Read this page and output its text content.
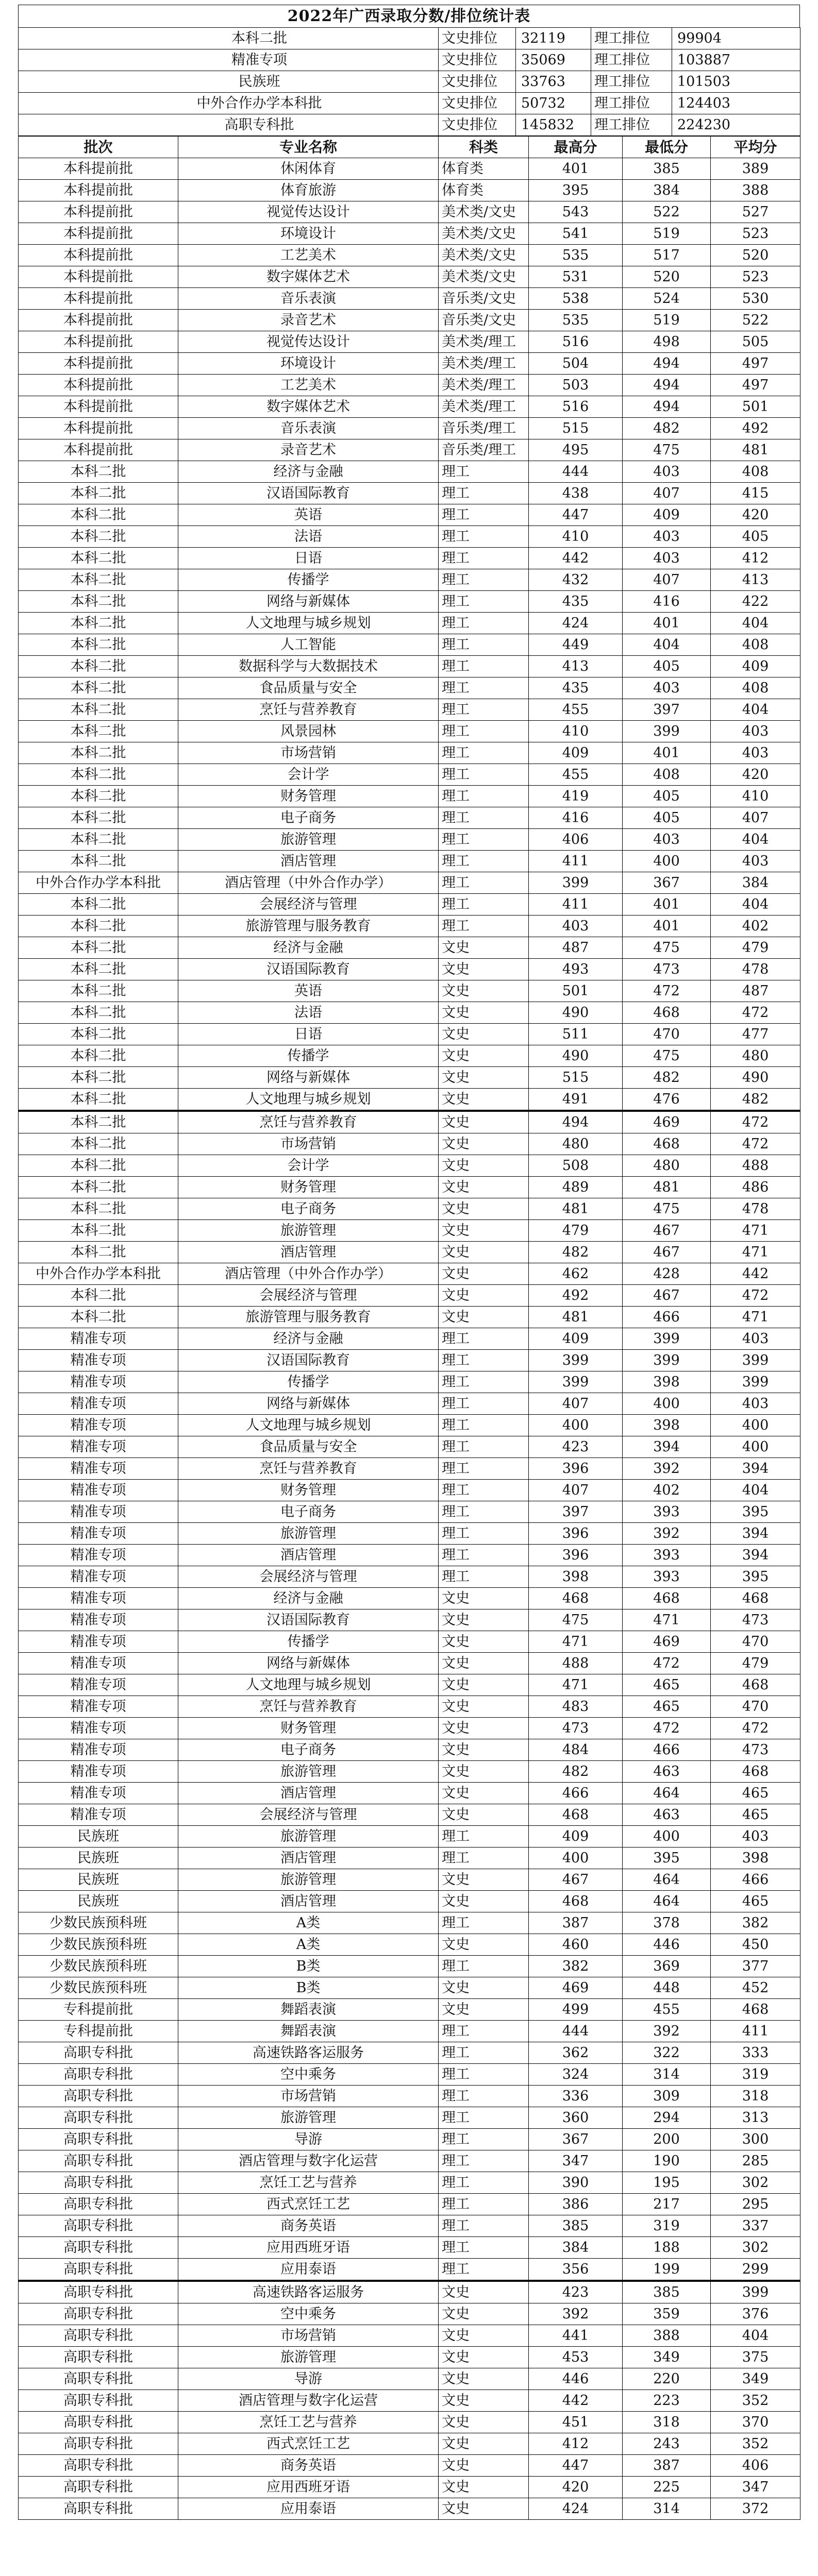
2022年广西录取分数/排位统计表
本科二批	文史排位	32119	理工排位	99904
精准专项	文史排位	35069	理工排位	103887
民族班	文史排位	33763	理工排位	101503
中外合作办学本科批	文史排位	50732	理工排位	124403
高职专科批	文史排位	145832	理工排位	224230
批次	专业名称	科类	最高分	最低分	平均分
本科提前批	休闲体育	体育类	401	385	389
本科提前批	体育旅游	体育类	395	384	388
本科提前批	视觉传达设计	美术类/文史	543	522	527
本科提前批	环境设计	美术类/文史	541	519	523
本科提前批	工艺美术	美术类/文史	535	517	520
本科提前批	数字媒体艺术	美术类/文史	531	520	523
本科提前批	音乐表演	音乐类/文史	538	524	530
本科提前批	录音艺术	音乐类/文史	535	519	522
本科提前批	视觉传达设计	美术类/理工	516	498	505
本科提前批	环境设计	美术类/理工	504	494	497
本科提前批	工艺美术	美术类/理工	503	494	497
本科提前批	数字媒体艺术	美术类/理工	516	494	501
本科提前批	音乐表演	音乐类/理工	515	482	492
本科提前批	录音艺术	音乐类/理工	495	475	481
本科二批	经济与金融	理工	444	403	408
本科二批	汉语国际教育	理工	438	407	415
本科二批	英语	理工	447	409	420
本科二批	法语	理工	410	403	405
本科二批	日语	理工	442	403	412
本科二批	传播学	理工	432	407	413
本科二批	网络与新媒体	理工	435	416	422
本科二批	人文地理与城乡规划	理工	424	401	404
本科二批	人工智能	理工	449	404	408
本科二批	数据科学与大数据技术	理工	413	405	409
本科二批	食品质量与安全	理工	435	403	408
本科二批	烹饪与营养教育	理工	455	397	404
本科二批	风景园林	理工	410	399	403
本科二批	市场营销	理工	409	401	403
本科二批	会计学	理工	455	408	420
本科二批	财务管理	理工	419	405	410
本科二批	电子商务	理工	416	405	407
本科二批	旅游管理	理工	406	403	404
本科二批	酒店管理	理工	411	400	403
中外合作办学本科批	酒店管理（中外合作办学）	理工	399	367	384
本科二批	会展经济与管理	理工	411	401	404
本科二批	旅游管理与服务教育	理工	403	401	402
本科二批	经济与金融	文史	487	475	479
本科二批	汉语国际教育	文史	493	473	478
本科二批	英语	文史	501	472	487
本科二批	法语	文史	490	468	472
本科二批	日语	文史	511	470	477
本科二批	传播学	文史	490	475	480
本科二批	网络与新媒体	文史	515	482	490
本科二批	人文地理与城乡规划	文史	491	476	482
本科二批	烹饪与营养教育	文史	494	469	472
本科二批	市场营销	文史	480	468	472
本科二批	会计学	文史	508	480	488
本科二批	财务管理	文史	489	481	486
本科二批	电子商务	文史	481	475	478
本科二批	旅游管理	文史	479	467	471
本科二批	酒店管理	文史	482	467	471
中外合作办学本科批	酒店管理（中外合作办学）	文史	462	428	442
本科二批	会展经济与管理	文史	492	467	472
本科二批	旅游管理与服务教育	文史	481	466	471
精准专项	经济与金融	理工	409	399	403
精准专项	汉语国际教育	理工	399	399	399
精准专项	传播学	理工	399	398	399
精准专项	网络与新媒体	理工	407	400	403
精准专项	人文地理与城乡规划	理工	400	398	400
精准专项	食品质量与安全	理工	423	394	400
精准专项	烹饪与营养教育	理工	396	392	394
精准专项	财务管理	理工	407	402	404
精准专项	电子商务	理工	397	393	395
精准专项	旅游管理	理工	396	392	394
精准专项	酒店管理	理工	396	393	394
精准专项	会展经济与管理	理工	398	393	395
精准专项	经济与金融	文史	468	468	468
精准专项	汉语国际教育	文史	475	471	473
精准专项	传播学	文史	471	469	470
精准专项	网络与新媒体	文史	488	472	479
精准专项	人文地理与城乡规划	文史	471	465	468
精准专项	烹饪与营养教育	文史	483	465	470
精准专项	财务管理	文史	473	472	472
精准专项	电子商务	文史	484	466	473
精准专项	旅游管理	文史	482	463	468
精准专项	酒店管理	文史	466	464	465
精准专项	会展经济与管理	文史	468	463	465
民族班	旅游管理	理工	409	400	403
民族班	酒店管理	理工	400	395	398
民族班	旅游管理	文史	467	464	466
民族班	酒店管理	文史	468	464	465
少数民族预科班	A类	理工	387	378	382
少数民族预科班	A类	文史	460	446	450
少数民族预科班	B类	理工	382	369	377
少数民族预科班	B类	文史	469	448	452
专科提前批	舞蹈表演	文史	499	455	468
专科提前批	舞蹈表演	理工	444	392	411
高职专科批	高速铁路客运服务	理工	362	322	333
高职专科批	空中乘务	理工	324	314	319
高职专科批	市场营销	理工	336	309	318
高职专科批	旅游管理	理工	360	294	313
高职专科批	导游	理工	367	200	300
高职专科批	酒店管理与数字化运营	理工	347	190	285
高职专科批	烹饪工艺与营养	理工	390	195	302
高职专科批	西式烹饪工艺	理工	386	217	295
高职专科批	商务英语	理工	385	319	337
高职专科批	应用西班牙语	理工	384	188	302
高职专科批	应用泰语	理工	356	199	299
高职专科批	高速铁路客运服务	文史	423	385	399
高职专科批	空中乘务	文史	392	359	376
高职专科批	市场营销	文史	441	388	404
高职专科批	旅游管理	文史	453	349	375
高职专科批	导游	文史	446	220	349
高职专科批	酒店管理与数字化运营	文史	442	223	352
高职专科批	烹饪工艺与营养	文史	451	318	370
高职专科批	西式烹饪工艺	文史	412	243	352
高职专科批	商务英语	文史	447	387	406
高职专科批	应用西班牙语	文史	420	225	347
高职专科批	应用泰语	文史	424	314	372
